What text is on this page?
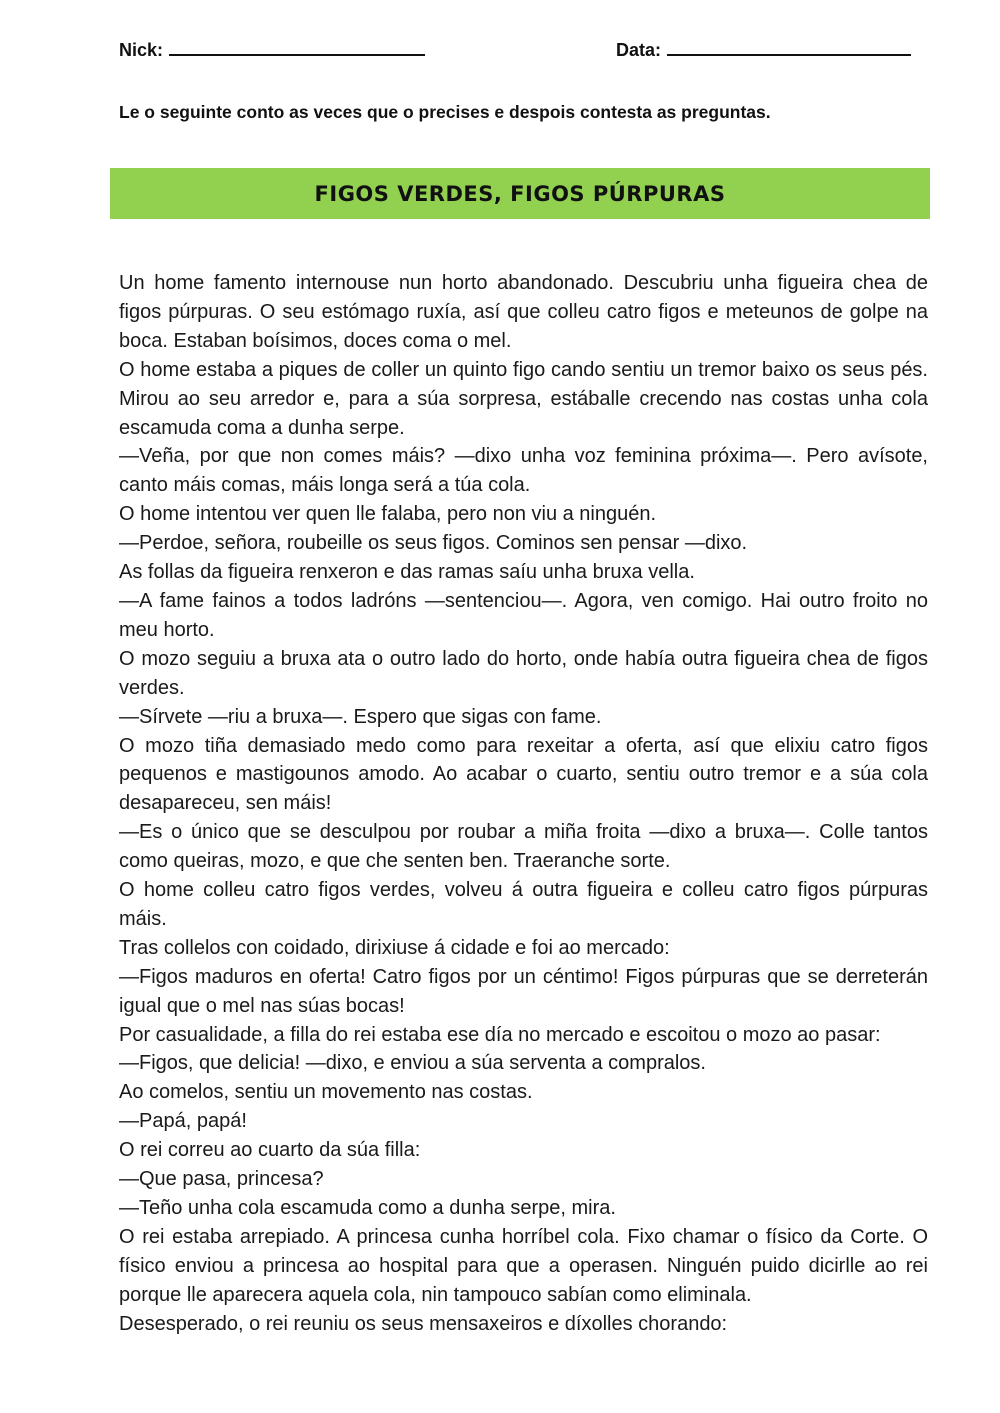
Nick:	Data:
Le o seguinte conto as veces que o precises e despois contesta as preguntas.
FIGOS VERDES, FIGOS PÚRPURAS

Un home famento internouse nun horto abandonado. Descubriu unha figueira chea de figos púrpuras. O seu estómago ruxía, así que colleu catro figos e meteunos de golpe na boca. Estaban boísimos, doces coma o mel.

O home estaba a piques de coller un quinto figo cando sentiu un tremor baixo os seus pés. Mirou ao seu arredor e, para a súa sorpresa, estáballe crecendo nas costas unha cola escamuda coma a dunha serpe.

—Veña, por que non comes máis? —dixo unha voz feminina próxima—. Pero avísote, canto máis comas, máis longa será a túa cola.

O home intentou ver quen lle falaba, pero non viu a ninguén.

—Perdoe, señora, roubeille os seus figos. Cominos sen pensar —dixo.

As follas da figueira renxeron e das ramas saíu unha bruxa vella.

—A fame fainos a todos ladróns —sentenciou—. Agora, ven comigo. Hai outro froito no meu horto.

O mozo seguiu a bruxa ata o outro lado do horto, onde había outra figueira chea de figos verdes.

—Sírvete —riu a bruxa—. Espero que sigas con fame.

O mozo tiña demasiado medo como para rexeitar a oferta, así que elixiu catro figos pequenos e mastigounos amodo. Ao acabar o cuarto, sentiu outro tremor e a súa cola desapareceu, sen máis!

—Es o único que se desculpou por roubar a miña froita —dixo a bruxa—. Colle tantos como queiras, mozo, e que che senten ben. Traeranche sorte.

O home colleu catro figos verdes, volveu á outra figueira e colleu catro figos púrpuras máis.

Tras collelos con coidado, dirixiuse á cidade e foi ao mercado:

—Figos maduros en oferta! Catro figos por un céntimo! Figos púrpuras que se derreterán igual que o mel nas súas bocas!

Por casualidade, a filla do rei estaba ese día no mercado e escoitou o mozo ao pasar:

—Figos, que delicia! —dixo, e enviou a súa serventa a compralos.

Ao comelos, sentiu un movemento nas costas.

—Papá, papá!

O rei correu ao cuarto da súa filla:

—Que pasa, princesa?

—Teño unha cola escamuda como a dunha serpe, mira.

O rei estaba arrepiado. A princesa cunha horríbel cola. Fixo chamar o físico da Corte. O físico enviou a princesa ao hospital para que a operasen. Ninguén puido dicirlle ao rei porque lle aparecera aquela cola, nin tampouco sabían como eliminala.

Desesperado, o rei reuniu os seus mensaxeiros e díxolles chorando:
